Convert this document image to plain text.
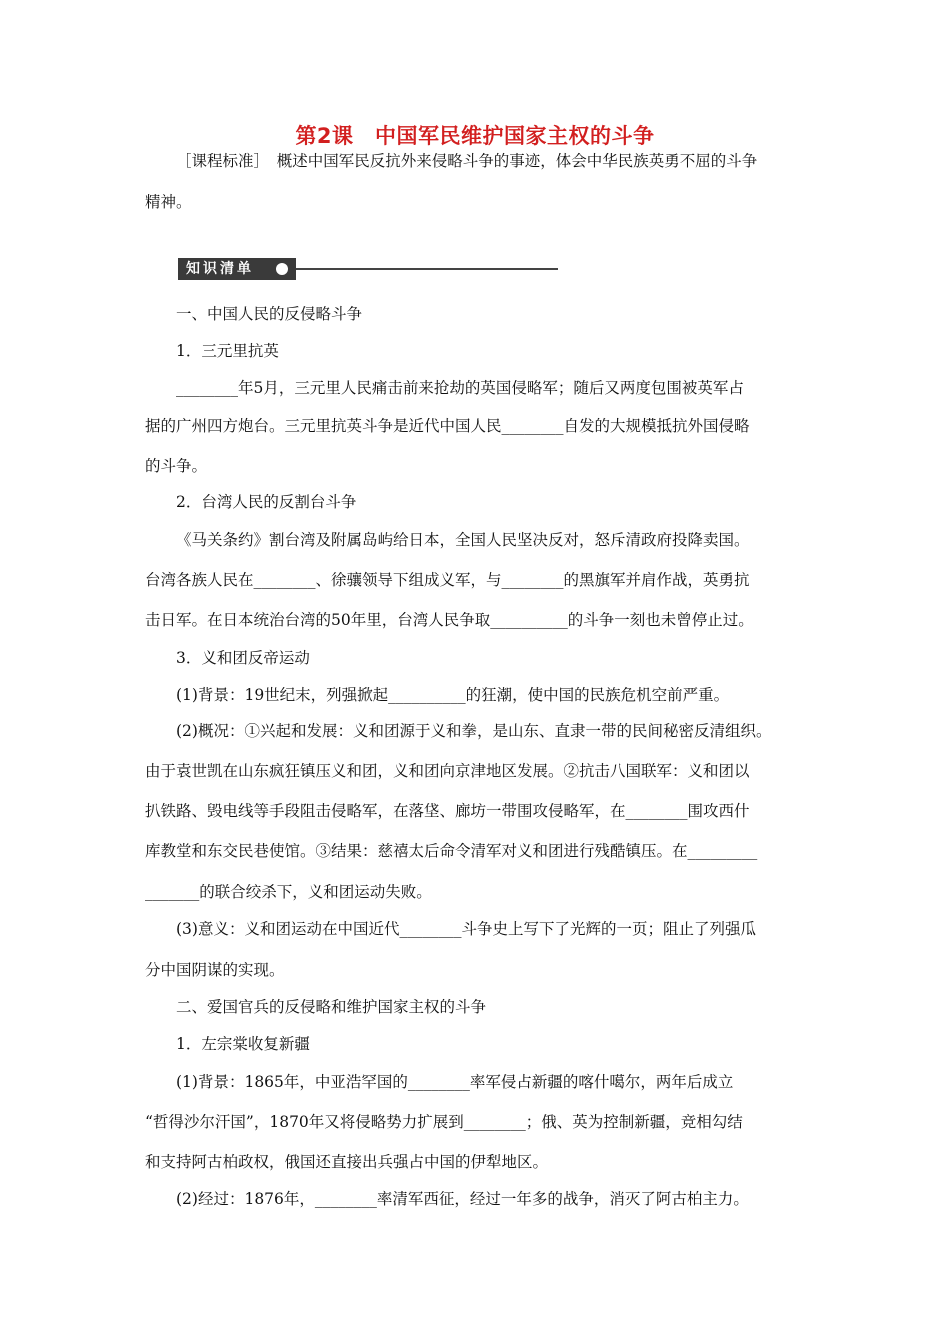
第2课　中国军民维护国家主权的斗争
［课程标准］　概述中国军民反抗外来侵略斗争的事迹，体会中华民族英勇不屈的斗争
精神。
知识清单
一、中国人民的反侵略斗争
1．三元里抗英
________年5月，三元里人民痛击前来抢劫的英国侵略军；随后又两度包围被英军占
据的广州四方炮台。三元里抗英斗争是近代中国人民________自发的大规模抵抗外国侵略
的斗争。
2．台湾人民的反割台斗争
《马关条约》割台湾及附属岛屿给日本，全国人民坚决反对，怒斥清政府投降卖国。
台湾各族人民在________、徐骧领导下组成义军，与________的黑旗军并肩作战，英勇抗
击日军。在日本统治台湾的50年里，台湾人民争取__________的斗争一刻也未曾停止过。
3．义和团反帝运动
(1)背景：19世纪末，列强掀起__________的狂潮，使中国的民族危机空前严重。
(2)概况：①兴起和发展：义和团源于义和拳，是山东、直隶一带的民间秘密反清组织。
由于袁世凯在山东疯狂镇压义和团，义和团向京津地区发展。②抗击八国联军：义和团以
扒铁路、毁电线等手段阻击侵略军，在落垡、廊坊一带围攻侵略军，在________围攻西什
库教堂和东交民巷使馆。③结果：慈禧太后命令清军对义和团进行残酷镇压。在_________
_______的联合绞杀下，义和团运动失败。
(3)意义：义和团运动在中国近代________斗争史上写下了光辉的一页；阻止了列强瓜
分中国阴谋的实现。
二、爱国官兵的反侵略和维护国家主权的斗争
1．左宗棠收复新疆
(1)背景：1865年，中亚浩罕国的________率军侵占新疆的喀什噶尔，两年后成立
“哲得沙尔汗国”，1870年又将侵略势力扩展到________；俄、英为控制新疆，竞相勾结
和支持阿古柏政权，俄国还直接出兵强占中国的伊犁地区。
(2)经过：1876年，________率清军西征，经过一年多的战争，消灭了阿古柏主力。
